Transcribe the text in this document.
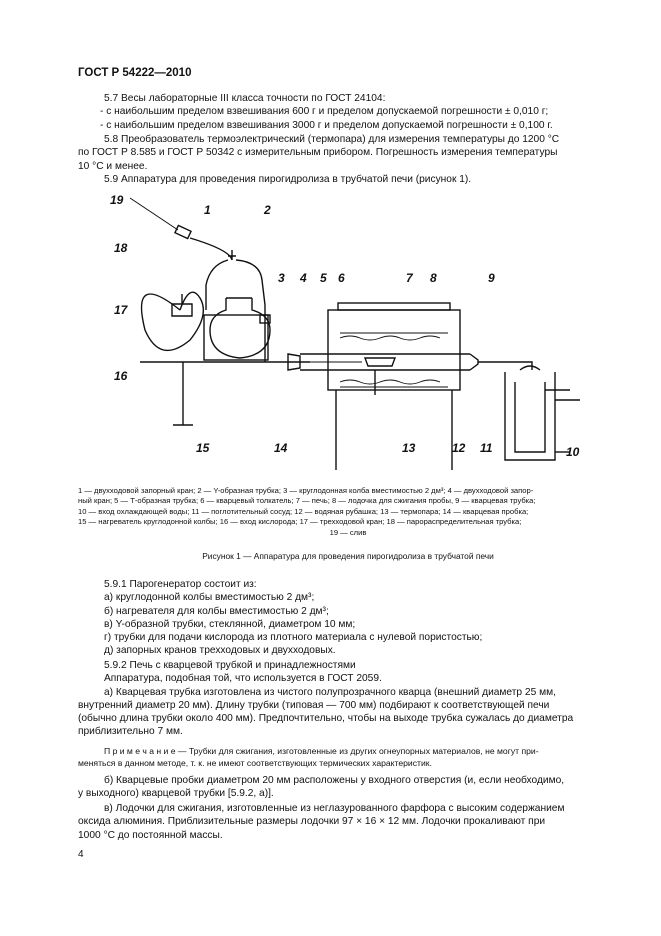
ГОСТ Р 54222—2010
5.7 Весы лабораторные III класса точности по ГОСТ 24104:
- с наибольшим пределом взвешивания 600 г и пределом допускаемой погрешности ± 0,010 г;
- с наибольшим пределом взвешивания 3000 г и пределом допускаемой погрешности ± 0,100 г.
5.8 Преобразователь термоэлектрический (термопара) для измерения температуры до 1200 °С
по ГОСТ Р 8.585 и ГОСТ Р 50342 с измерительным прибором. Погрешность измерения температуры
10 °С и менее.
5.9 Аппаратура для проведения пирогидролиза в трубчатой печи (рисунок 1).
19
1	2
18
3 4 5 6	7 8	9
17
16
15	14	13	12 11	10
1 — двухходовой запорный кран; 2 — Y-образная трубка; 3 — круглодонная колба вместимостью 2 дм³; 4 — двухходовой запор-
ный кран; 5 — Т-образная трубка; 6 — кварцевый толкатель; 7 — печь; 8 — лодочка для сжигания пробы, 9 — кварцевая трубка;
10 — вход охлаждающей воды; 11 — поглотительный сосуд; 12 — водяная рубашка; 13 — термопара; 14 — кварцевая пробка;
15 — нагреватель круглодонной колбы; 16 — вход кислорода; 17 — трехходовой кран; 18 — парораспределительная трубка;
19 — слив
Рисунок 1 — Аппаратура для проведения пирогидролиза в трубчатой печи
5.9.1 Парогенератор состоит из:
а) круглодонной колбы вместимостью 2 дм³;
б) нагревателя для колбы вместимостью 2 дм³;
в) Y-образной трубки, стеклянной, диаметром 10 мм;
г) трубки для подачи кислорода из плотного материала с нулевой пористостью;
д) запорных кранов трехходовых и двухходовых.
5.9.2 Печь с кварцевой трубкой и принадлежностями
Аппаратура, подобная той, что используется в ГОСТ 2059.
а) Кварцевая трубка изготовлена из чистого полупрозрачного кварца (внешний диаметр 25 мм,
внутренний диаметр 20 мм). Длину трубки (типовая — 700 мм) подбирают к соответствующей печи
(обычно длина трубки около 400 мм). Предпочтительно, чтобы на выходе трубка сужалась до диаметра
приблизительно 7 мм.
П р и м е ч а н и е — Трубки для сжигания, изготовленные из других огнеупорных материалов, не могут при-
меняться в данном методе, т. к. не имеют соответствующих термических характеристик.
б) Кварцевые пробки диаметром 20 мм расположены у входного отверстия (и, если необходимо,
у выходного) кварцевой трубки [5.9.2, а)].
в) Лодочки для сжигания, изготовленные из неглазурованного фарфора с высоким содержанием
оксида алюминия. Приблизительные размеры лодочки 97 × 16 × 12 мм. Лодочки прокаливают при
1000 °С до постоянной массы.
4
